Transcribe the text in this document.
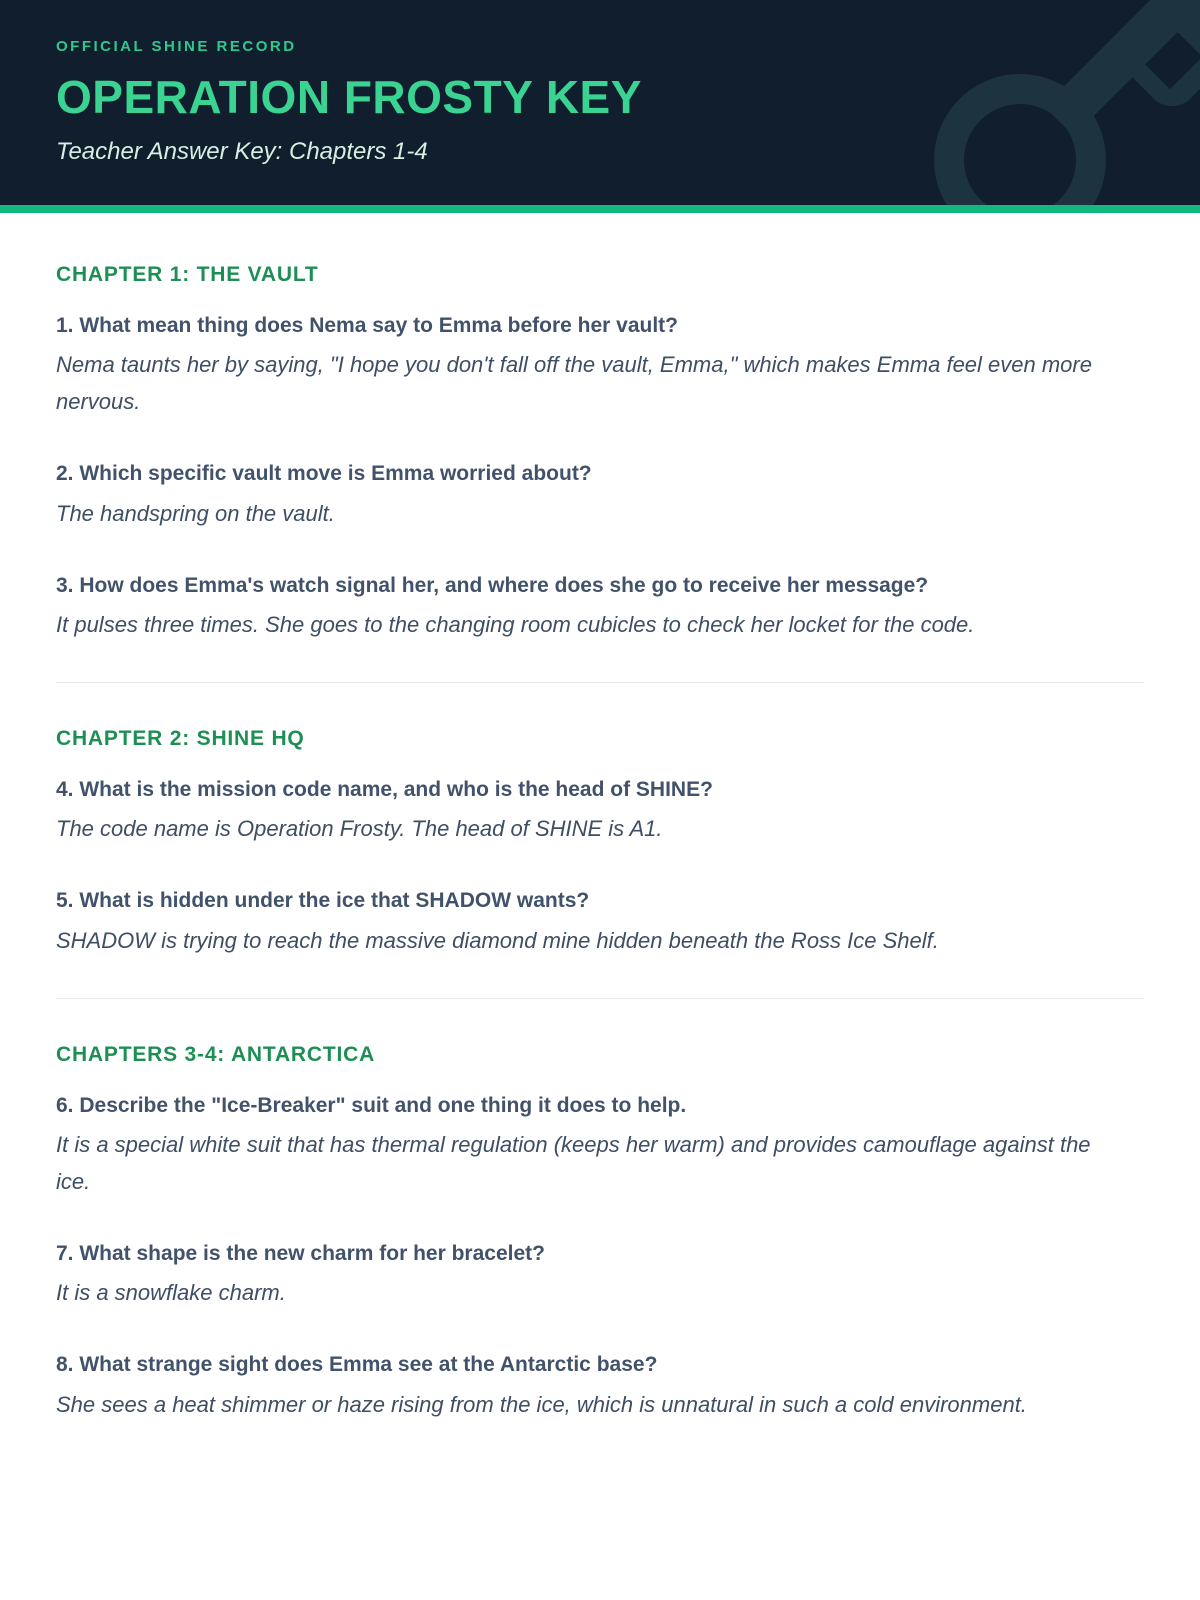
OFFICIAL SHINE RECORD
OPERATION FROSTY KEY
Teacher Answer Key: Chapters 1-4
CHAPTER 1: THE VAULT

1. What mean thing does Nema say to Emma before her vault?

Nema taunts her by saying, "I hope you don't fall off the vault, Emma," which makes Emma feel even more nervous.

2. Which specific vault move is Emma worried about?

The handspring on the vault.

3. How does Emma's watch signal her, and where does she go to receive her message?

It pulses three times. She goes to the changing room cubicles to check her locket for the code.

CHAPTER 2: SHINE HQ

4. What is the mission code name, and who is the head of SHINE?

The code name is Operation Frosty. The head of SHINE is A1.

5. What is hidden under the ice that SHADOW wants?

SHADOW is trying to reach the massive diamond mine hidden beneath the Ross Ice Shelf.

CHAPTERS 3-4: ANTARCTICA

6. Describe the "Ice-Breaker" suit and one thing it does to help.

It is a special white suit that has thermal regulation (keeps her warm) and provides camouflage against the ice.

7. What shape is the new charm for her bracelet?

It is a snowflake charm.

8. What strange sight does Emma see at the Antarctic base?

She sees a heat shimmer or haze rising from the ice, which is unnatural in such a cold environment.
